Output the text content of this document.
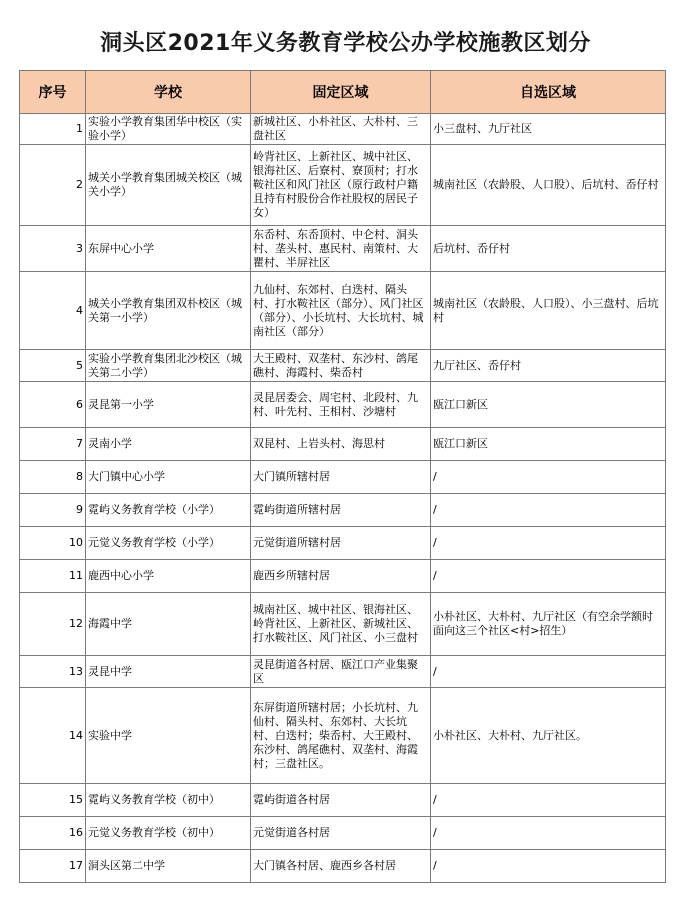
洞头区2021年义务教育学校公办学校施教区划分
序号	学校	固定区域	自选区域
1	实验小学教育集团华中校区（实验小学）	新城社区、小朴社区、大朴村、三盘社区	小三盘村、九厅社区
2	城关小学教育集团城关校区（城关小学）	岭背社区、上新社区、城中社区、银海社区、后寮村、寮顶村；打水鞍社区和风门社区（原行政村户籍且持有村股份合作社股权的居民子女）	城南社区（农龄股、人口股）、后坑村、岙仔村
3	东屏中心小学	东岙村、东岙顶村、中仑村、洞头村、垄头村、惠民村、南策村、大瞿村、半屏社区	后坑村、岙仔村
4	城关小学教育集团双朴校区（城关第一小学）	九仙村、东郊村、白迭村、隔头村、打水鞍社区（部分）、风门社区（部分）、小长坑村、大长坑村、城南社区（部分）	城南社区（农龄股、人口股）、小三盘村、后坑村
5	实验小学教育集团北沙校区（城关第二小学）	大王殿村、双垄村、东沙村、鸽尾礁村、海霞村、柴岙村	九厅社区、岙仔村
6	灵昆第一小学	灵昆居委会、周宅村、北段村、九村、叶先村、王相村、沙塘村	瓯江口新区
7	灵南小学	双昆村、上岩头村、海思村	瓯江口新区
8	大门镇中心小学	大门镇所辖村居	/
9	霓屿义务教育学校（小学）	霓屿街道所辖村居	/
10	元觉义务教育学校（小学）	元觉街道所辖村居	/
11	鹿西中心小学	鹿西乡所辖村居	/
12	海霞中学	城南社区、城中社区、银海社区、岭背社区、上新社区、新城社区、打水鞍社区、风门社区、小三盘村	小朴社区、大朴村、九厅社区（有空余学额时面向这三个社区<村>招生）
13	灵昆中学	灵昆街道各村居、瓯江口产业集聚区	/
14	实验中学	东屏街道所辖村居；小长坑村、九仙村、隔头村、东郊村、大长坑村、白迭村；柴岙村、大王殿村、东沙村、鸽尾礁村、双垄村、海霞村；三盘社区。	小朴社区、大朴村、九厅社区。
15	霓屿义务教育学校（初中）	霓屿街道各村居	/
16	元觉义务教育学校（初中）	元觉街道各村居	/
17	洞头区第二中学	大门镇各村居、鹿西乡各村居	/
